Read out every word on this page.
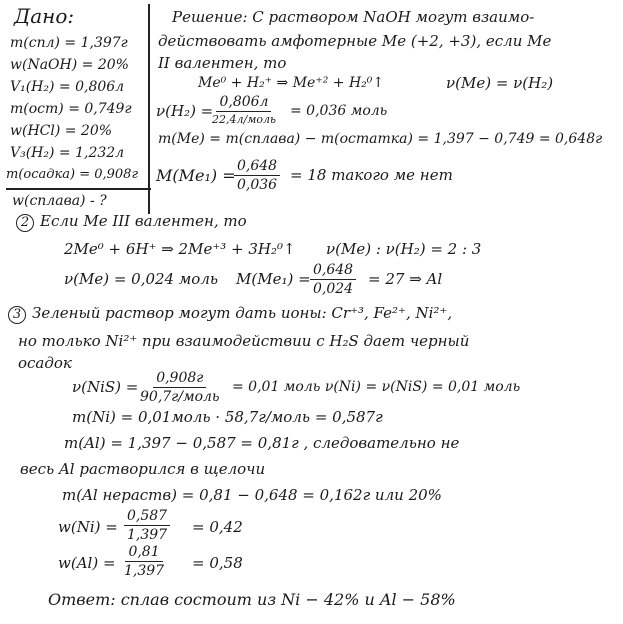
Дано:
m(спл) = 1,397г
w(NaOH) = 20%
V₁(H₂) = 0,806л
m(ост) = 0,749г
w(HCl) = 20%
V₃(H₂) = 1,232л
m(осадка) = 0,908г
w(сплава) - ?
Решение: С раствором NaOH могут взаимо-
действовать амфотерные Ме (+2, +3), если Ме
II валентен, то
Me⁰ + H₂⁺ ⇒ Me⁺² + H₂⁰↑	ν(Me) = ν(H₂)
ν(H₂) = 0,806л
22,4л/моль
= 0,036 моль
m(Me) = m(сплава) − m(остатка) = 1,397 − 0,749 = 0,648г
M(Me₁) =
$\frac{0,648}{0,036} = 18$ такого ме нет
2 Если Ме III валентен, то
2Me⁰ + 6H⁺ ⇒ 2Me⁺³ + 3H₂⁰↑ ν(Me) : ν(H₂) = 2 : 3
ν(Me) = 0,024 моль $M(Me_1) = \frac{0,648}{0,024} = 27$ ⇒ Al
3 Зеленый раствор могут дать ионы: Cr⁺³, Fe²⁺, Ni²⁺,
но только Ni²⁺ при взаимодействии с H₂S дает черный
осадок
ν(NiS) = 0,908г
90,7г/моль
= 0,01 моль ν(Ni) = ν(NiS) = 0,01 моль
m(Ni) = 0,01моль · 58,7г/моль = 0,587г
m(Al) = 1,397 − 0,587 = 0,81г , следовательно не
весь Al растворился в щелочи
m(Al нераств) = 0,81 − 0,648 = 0,162г или 20%
$w(Ni) = \frac{0,587}{1,397} = 0,42$
$w(Al) = \frac{0,81}{1,397} = 0,58$
Ответ: сплав состоит из Ni − 42% и Al − 58%
